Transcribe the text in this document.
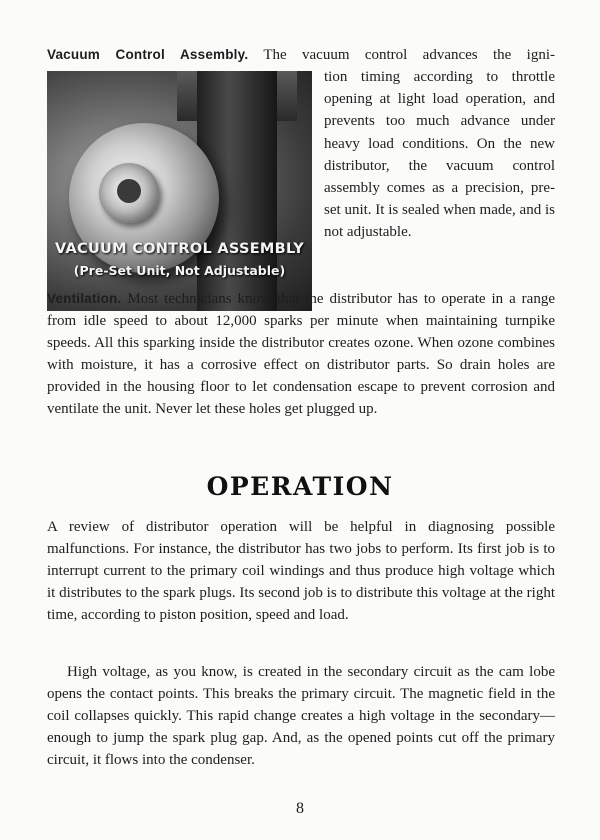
Vacuum Control Assembly. The vacuum control advances the igni-
VACUUM CONTROL ASSEMBLY
(Pre-Set Unit, Not Adjustable)
tion timing according to throttle opening at light load operation, and prevents too much advance under heavy load conditions. On the new distributor, the vacuum control assembly comes as a precision, pre-set unit. It is sealed when made, and is not adjustable.
Ventilation. Most technicians know that the distributor has to operate in a range from idle speed to about 12,000 sparks per minute when maintaining turnpike speeds. All this sparking inside the distributor creates ozone. When ozone combines with moisture, it has a corrosive effect on distributor parts. So drain holes are provided in the housing floor to let condensation escape to prevent corrosion and ventilate the unit. Never let these holes get plugged up.
OPERATION
A review of distributor operation will be helpful in diagnosing possible malfunctions. For instance, the distributor has two jobs to perform. Its first job is to interrupt current to the primary coil windings and thus produce high voltage which it distributes to the spark plugs. Its second job is to distribute this voltage at the right time, according to piston position, speed and load.
High voltage, as you know, is created in the secondary circuit as the cam lobe opens the contact points. This breaks the primary circuit. The magnetic field in the coil collapses quickly. This rapid change creates a high voltage in the secondary—enough to jump the spark plug gap. And, as the opened points cut off the primary circuit, it flows into the condenser.
8
